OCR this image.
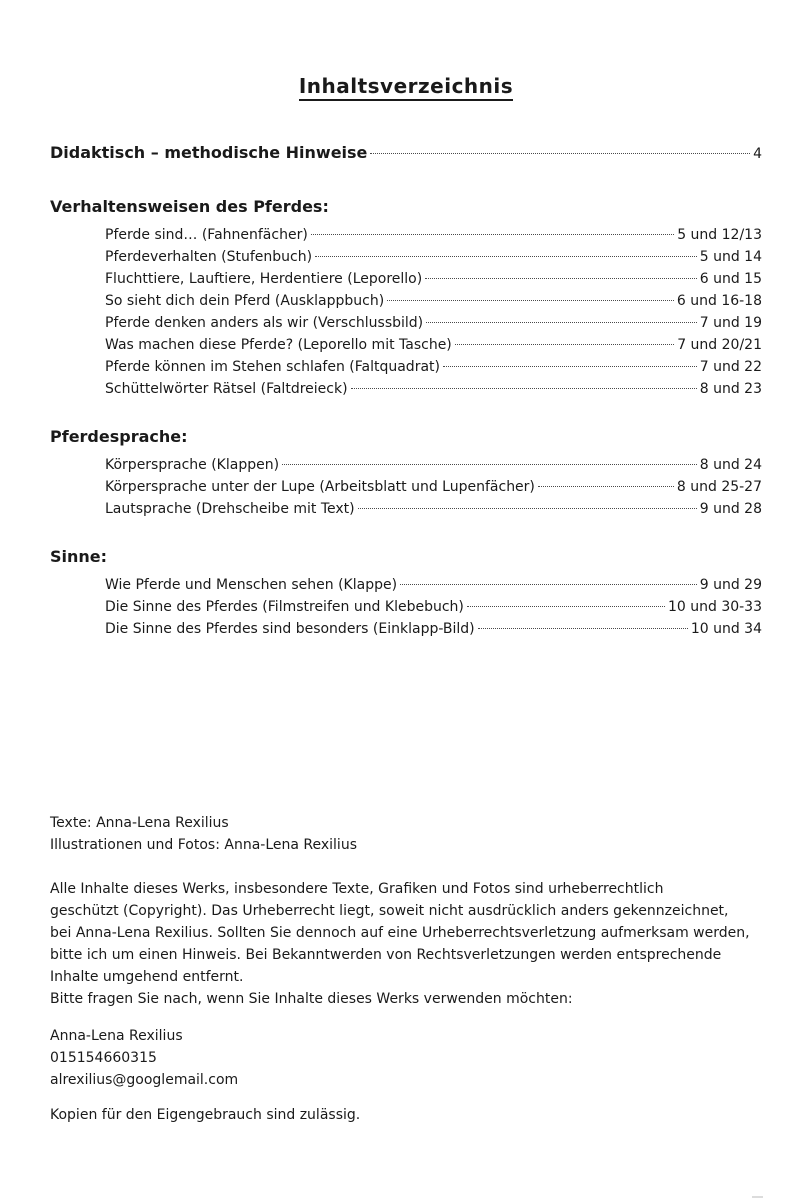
Inhaltsverzeichnis
Didaktisch – methodische Hinweise	4
Verhaltensweisen des Pferdes:
Pferde sind… (Fahnenfächer)	5 und 12/13
Pferdeverhalten (Stufenbuch)	5 und 14
Fluchttiere, Lauftiere, Herdentiere (Leporello)	6 und 15
So sieht dich dein Pferd (Ausklappbuch)	6 und 16-18
Pferde denken anders als wir (Verschlussbild)	7 und 19
Was machen diese Pferde? (Leporello mit Tasche)	7 und 20/21
Pferde können im Stehen schlafen (Faltquadrat)	7 und 22
Schüttelwörter Rätsel (Faltdreieck)	8 und 23
Pferdesprache:
Körpersprache (Klappen)	8 und 24
Körpersprache unter der Lupe (Arbeitsblatt und Lupenfächer)	8 und 25-27
Lautsprache (Drehscheibe mit Text)	9 und 28
Sinne:
Wie Pferde und Menschen sehen (Klappe)	9 und 29
Die Sinne des Pferdes (Filmstreifen und Klebebuch)	10 und 30-33
Die Sinne des Pferdes sind besonders (Einklapp-Bild)	10 und 34
Texte: Anna-Lena Rexilius
Illustrationen und Fotos: Anna-Lena Rexilius
Alle Inhalte dieses Werks, insbesondere Texte, Grafiken und Fotos sind urheberrechtlich
geschützt (Copyright). Das Urheberrecht liegt, soweit nicht ausdrücklich anders gekennzeichnet,
bei Anna-Lena Rexilius. Sollten Sie dennoch auf eine Urheberrechtsverletzung aufmerksam werden,
bitte ich um einen Hinweis. Bei Bekanntwerden von Rechtsverletzungen werden entsprechende
Inhalte umgehend entfernt.
Bitte fragen Sie nach, wenn Sie Inhalte dieses Werks verwenden möchten:
Anna-Lena Rexilius
015154660315
alrexilius@googlemail.com
Kopien für den Eigengebrauch sind zulässig.
